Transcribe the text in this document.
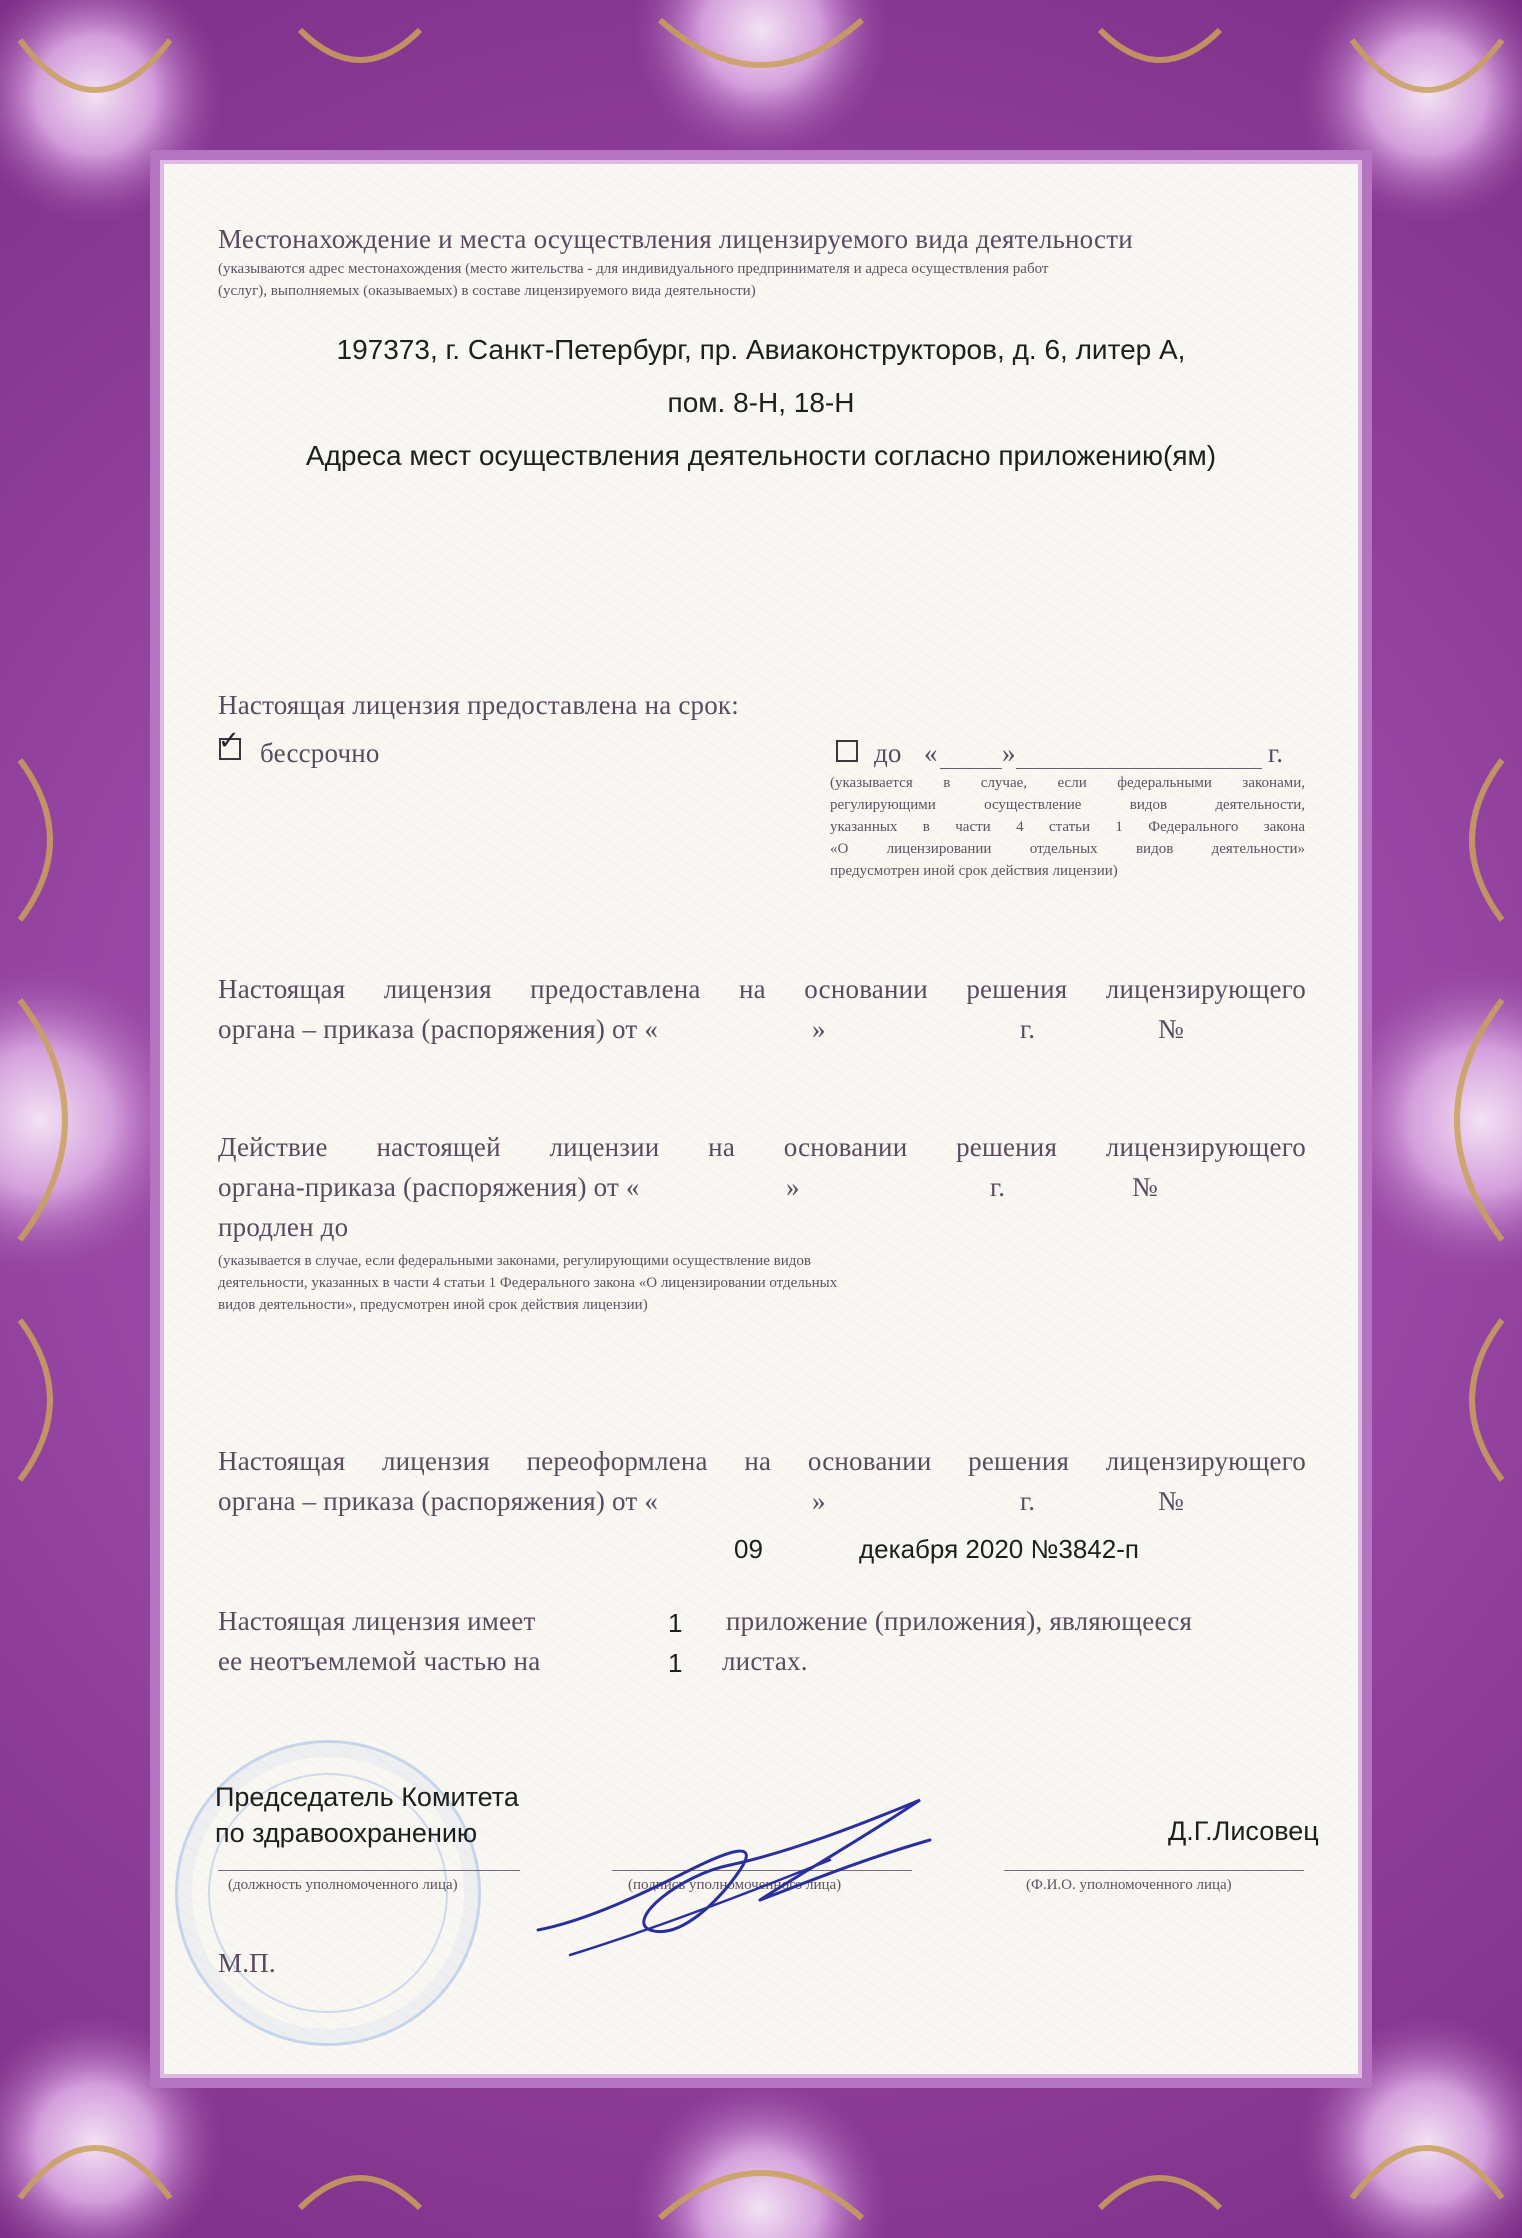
Местонахождение и места осуществления лицензируемого вида деятельности
(указываются адрес местонахождения (место жительства - для индивидуального предпринимателя и адреса осуществления работ
(услуг), выполняемых (оказываемых) в составе лицензируемого вида деятельности)
197373, г. Санкт-Петербург, пр. Авиаконструкторов, д. 6, литер А,
пом. 8-Н, 18-Н
Адреса мест осуществления деятельности согласно приложению(ям)
Настоящая лицензия предоставлена на срок:
✓ бессрочно	до « »	г.
(указывается в случае, если федеральными законами,
регулирующими осуществление видов деятельности,
указанных в части 4 статьи 1 Федерального закона
«О лицензировании отдельных видов деятельности»
предусмотрен иной срок действия лицензии)
Настоящая лицензия предоставлена на основании решения лицензирующего
органа – приказа (распоряжения) от «	»	г.	№
Действие настоящей лицензии на основании решения лицензирующего
органа-приказа (распоряжения) от «	»	г.	№
продлен до
(указывается в случае, если федеральными законами, регулирующими осуществление видов
деятельности, указанных в части 4 статьи 1 Федерального закона «О лицензировании отдельных
видов деятельности», предусмотрен иной срок действия лицензии)
Настоящая лицензия переоформлена на основании решения лицензирующего
органа – приказа (распоряжения) от «	»	г.	№
09	декабря 2020 №3842-п
Настоящая лицензия имеет	1 приложение (приложения), являющееся
ее неотъемлемой частью на	1 листах.
Председатель Комитета
по здравоохранению	Д.Г.Лисовец
(должность уполномоченного лица)	(подпись уполномоченного лица)	(Ф.И.О. уполномоченного лица)
М.П.
